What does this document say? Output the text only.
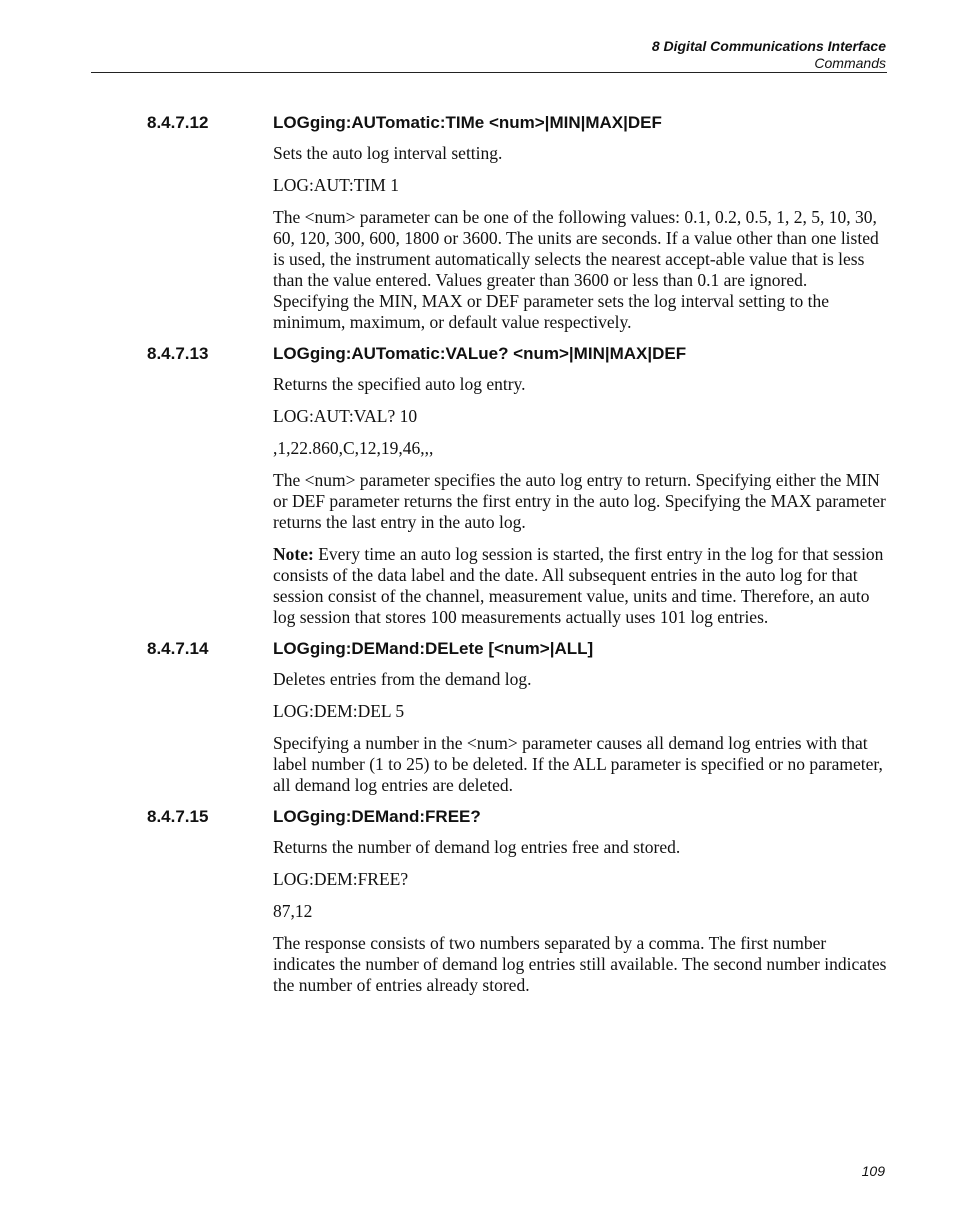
8 Digital Communications Interface
Commands
8.4.7.12	LOGging:AUTomatic:TIMe <num>|MIN|MAX|DEF

Sets the auto log interval setting.

LOG:AUT:TIM 1

The <num> parameter can be one of the following values: 0.1, 0.2, 0.5, 1, 2, 5, 10, 30, 60, 120, 300, 600, 1800 or 3600. The units are seconds. If a value other than one listed is used, the instrument automatically selects the nearest accept-able value that is less than the value entered. Values greater than 3600 or less than 0.1 are ignored. Specifying the MIN, MAX or DEF parameter sets the log interval setting to the minimum, maximum, or default value respectively.

8.4.7.13	LOGging:AUTomatic:VALue? <num>|MIN|MAX|DEF

Returns the specified auto log entry.

LOG:AUT:VAL? 10

,1,22.860,C,12,19,46,,,

The <num> parameter specifies the auto log entry to return. Specifying either the MIN or DEF parameter returns the first entry in the auto log. Specifying the MAX parameter returns the last entry in the auto log.

Note: Every time an auto log session is started, the first entry in the log for that session consists of the data label and the date. All subsequent entries in the auto log for that session consist of the channel, measurement value, units and time. Therefore, an auto log session that stores 100 measurements actually uses 101 log entries.

8.4.7.14	LOGging:DEMand:DELete [<num>|ALL]

Deletes entries from the demand log.

LOG:DEM:DEL 5

Specifying a number in the <num> parameter causes all demand log entries with that label number (1 to 25) to be deleted. If the ALL parameter is specified or no parameter, all demand log entries are deleted.

8.4.7.15	LOGging:DEMand:FREE?

Returns the number of demand log entries free and stored.

LOG:DEM:FREE?

87,12

The response consists of two numbers separated by a comma. The first number indicates the number of demand log entries still available. The second number indicates the number of entries already stored.

109
